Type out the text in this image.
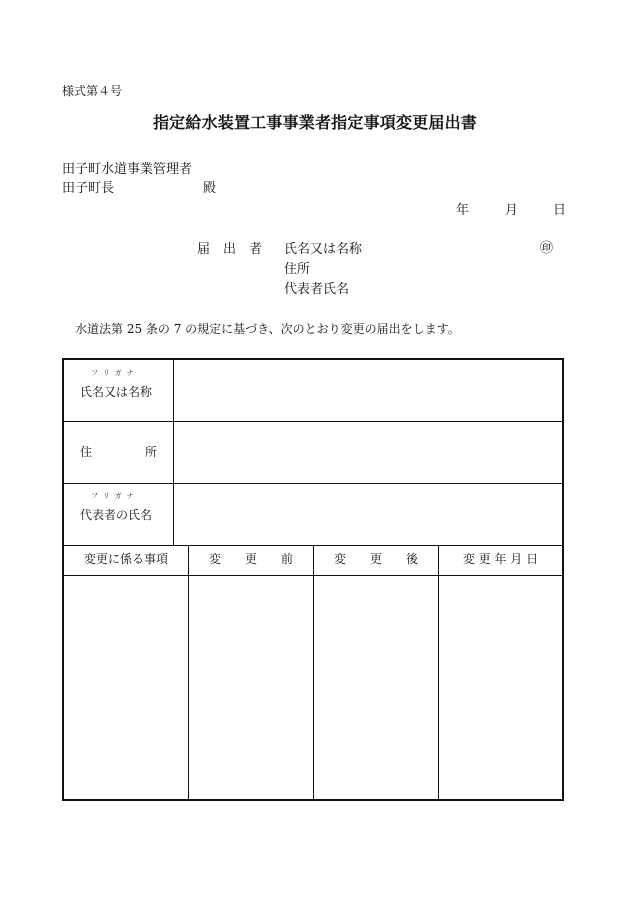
様式第４号
指定給水装置工事事業者指定事項変更届出書
田子町水道事業管理者
田子町長	殿
年	月	日
届　出　者 氏名又は名称	㊞
住所
代表者氏名
水道法第 25 条の 7 の規定に基づき、次のとおり変更の届出をします。
フリガナ
氏名又は名称
住	所
フリガナ
代表者の氏名
変更に係る事項	変　　更　　前	変　　更　　後	変 更 年 月 日
